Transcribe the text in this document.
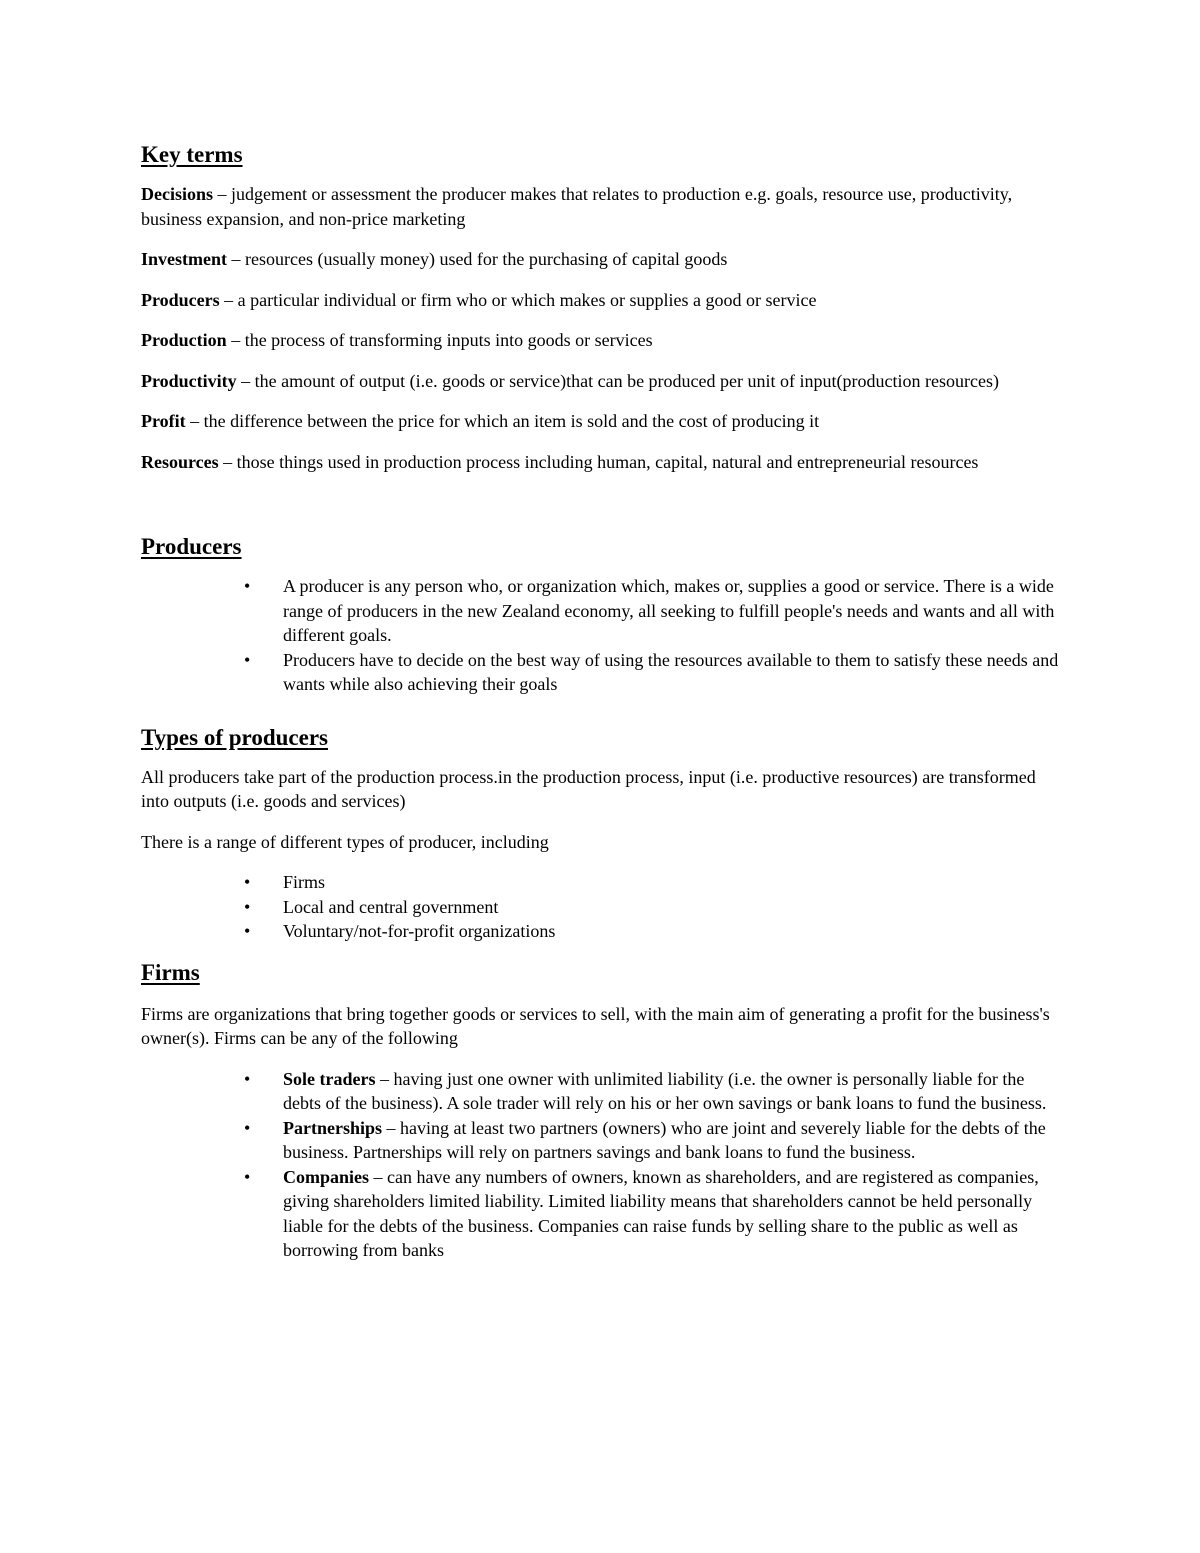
Key terms

Decisions – judgement or assessment the producer makes that relates to production e.g. goals, resource use, productivity, business expansion, and non-price marketing

Investment – resources (usually money) used for the purchasing of capital goods

Producers – a particular individual or firm who or which makes or supplies a good or service

Production – the process of transforming inputs into goods or services

Productivity – the amount of output (i.e. goods or service)that can be produced per unit of input(production resources)

Profit – the difference between the price for which an item is sold and the cost of producing it

Resources – those things used in production process including human, capital, natural and entrepreneurial resources

Producers
• A producer is any person who, or organization which, makes or, supplies a good or service. There is a wide range of producers in the new Zealand economy, all seeking to fulfill people's needs and wants and all with different goals.
• Producers have to decide on the best way of using the resources available to them to satisfy these needs and wants while also achieving their goals
Types of producers

All producers take part of the production process.in the production process, input (i.e. productive resources) are transformed into outputs (i.e. goods and services)

There is a range of different types of producer, including

• Firms
• Local and central government
• Voluntary/not-for-profit organizations
Firms

Firms are organizations that bring together goods or services to sell, with the main aim of generating a profit for the business's owner(s). Firms can be any of the following

• Sole traders – having just one owner with unlimited liability (i.e. the owner is personally liable for the debts of the business). A sole trader will rely on his or her own savings or bank loans to fund the business.
• Partnerships – having at least two partners (owners) who are joint and severely liable for the debts of the business. Partnerships will rely on partners savings and bank loans to fund the business.
• Companies – can have any numbers of owners, known as shareholders, and are registered as companies, giving shareholders limited liability. Limited liability means that shareholders cannot be held personally liable for the debts of the business. Companies can raise funds by selling share to the public as well as borrowing from banks
